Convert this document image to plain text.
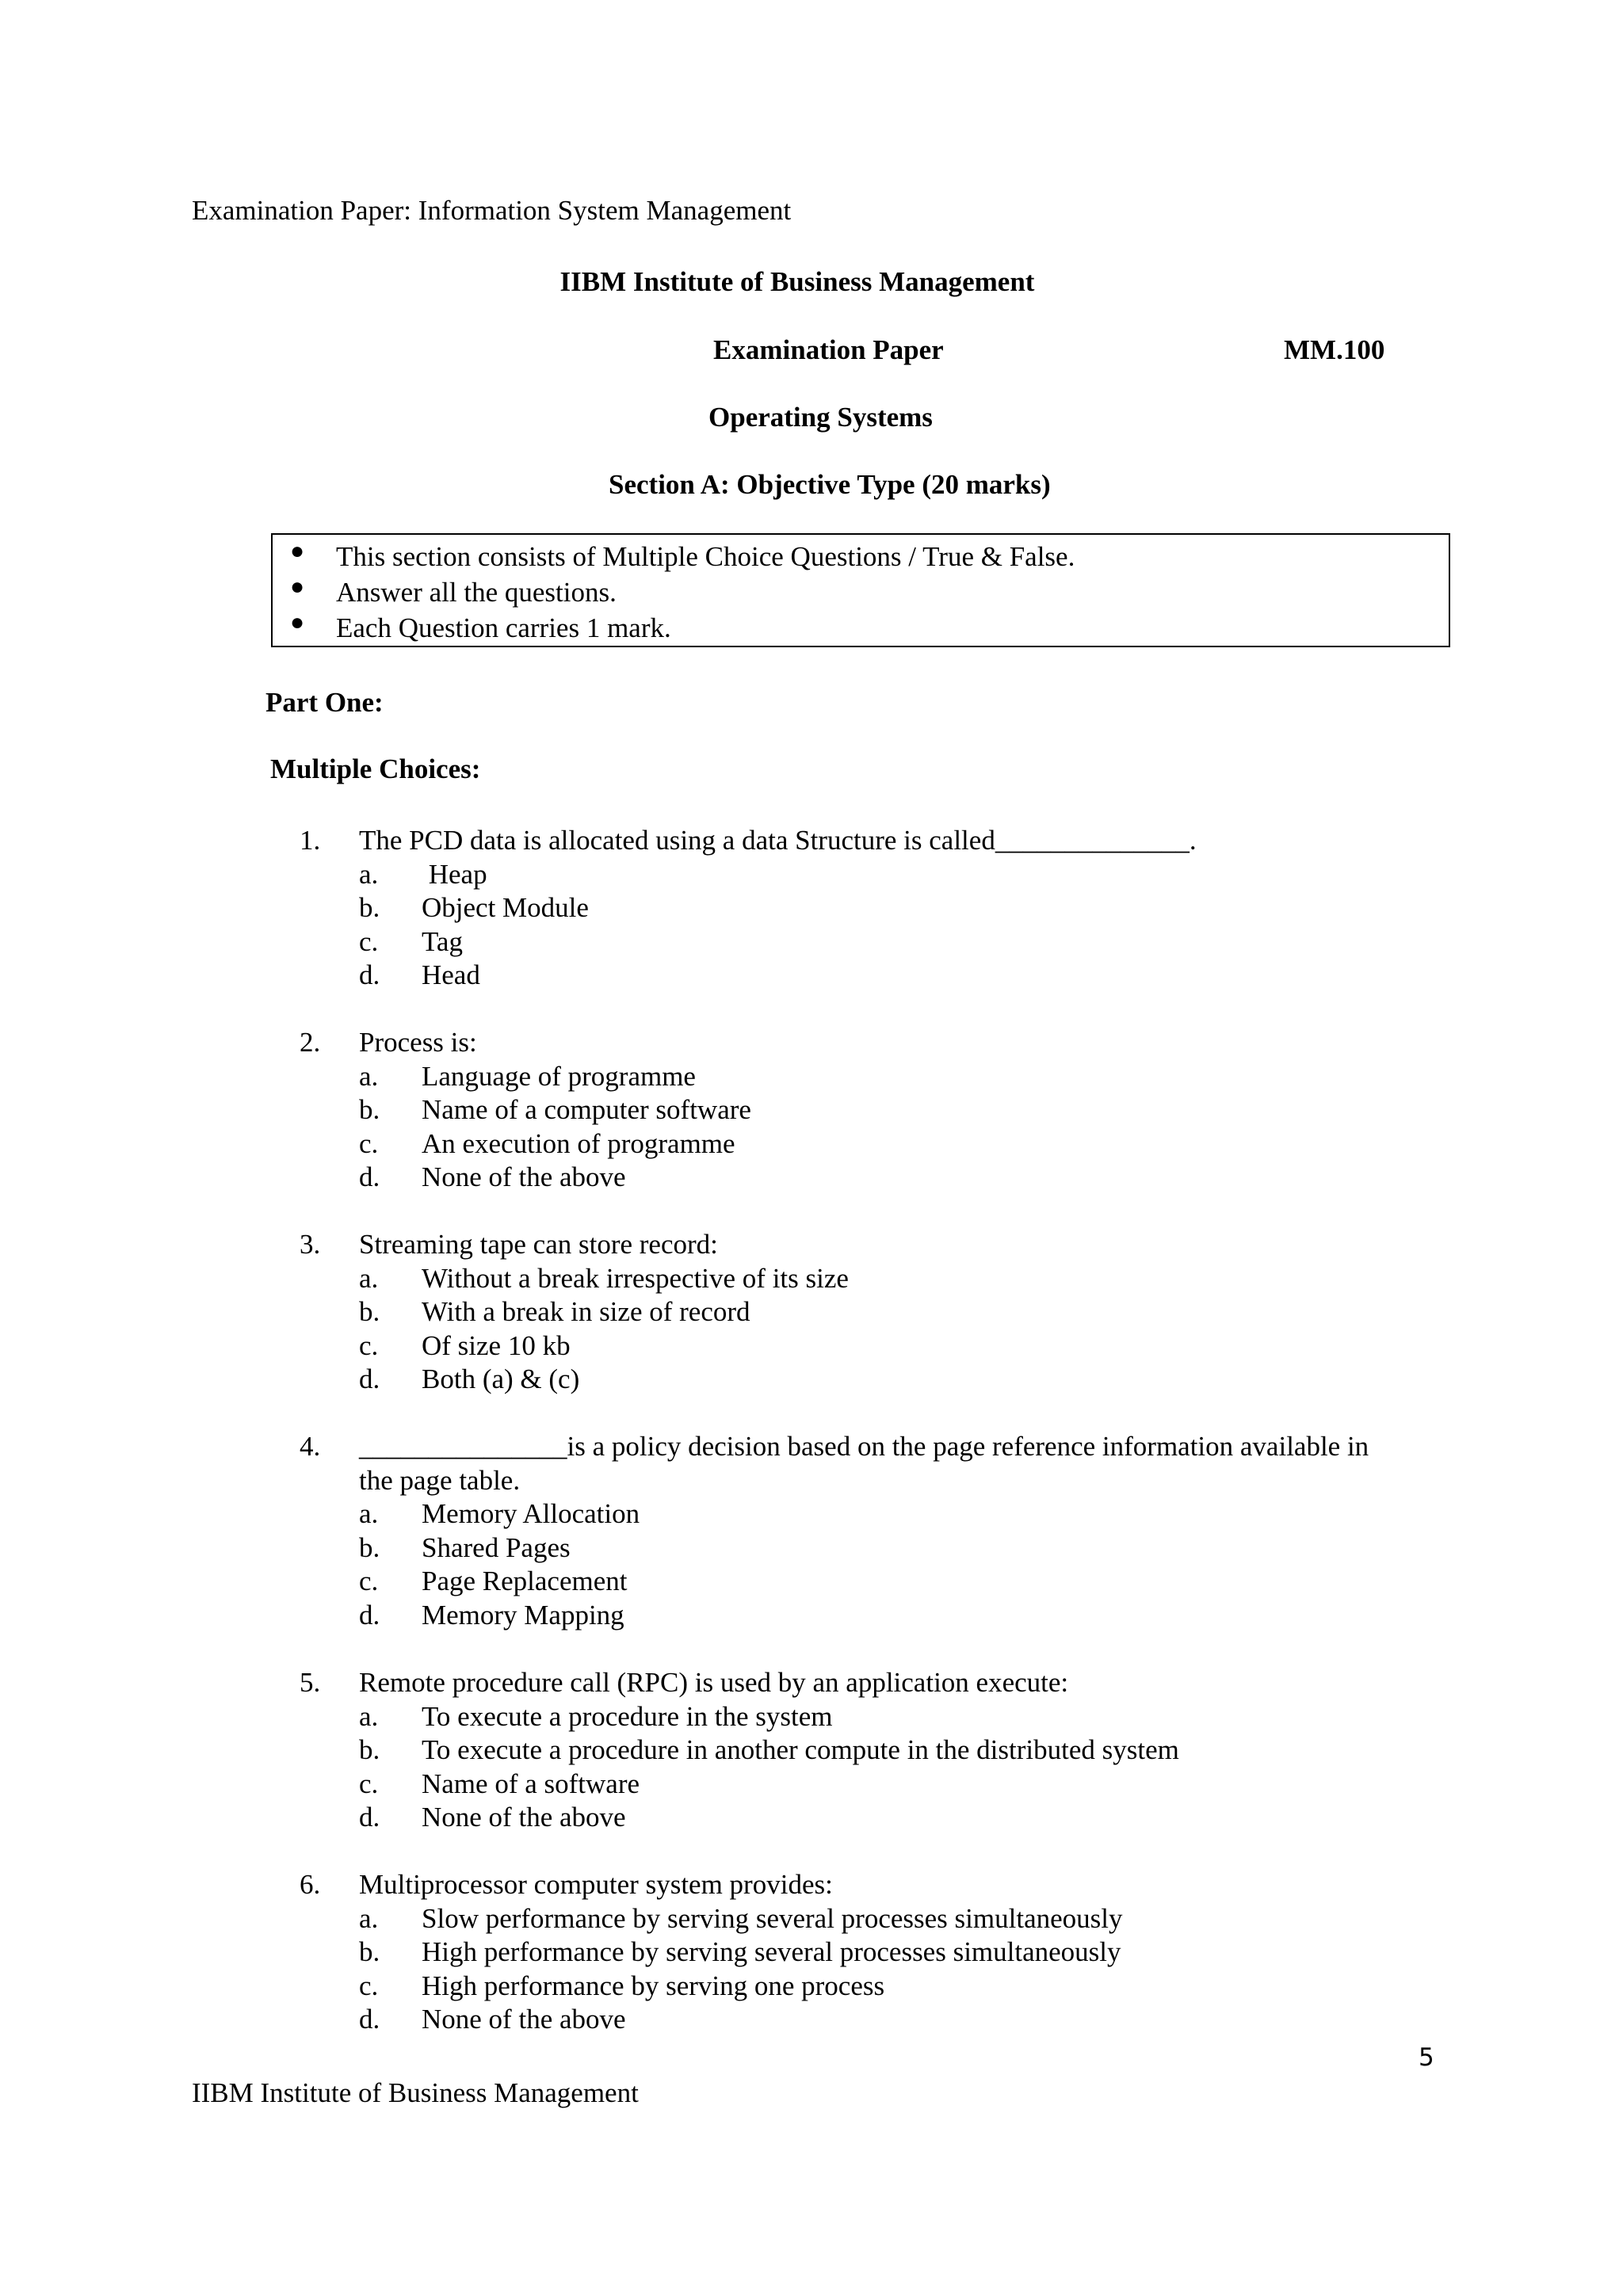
Examination Paper: Information System Management
IIBM Institute of Business Management
Examination Paper	MM.100
Operating Systems
Section A: Objective Type (20 marks)
● This section consists of Multiple Choice Questions / True & False.
● Answer all the questions.
● Each Question carries 1 mark.
Part One:
Multiple Choices:
1. The PCD data is allocated using a data Structure is called______________.
a. Heap
b. Object Module
c. Tag
d. Head
2. Process is:
a. Language of programme
b. Name of a computer software
c. An execution of programme
d. None of the above
3. Streaming tape can store record:
a. Without a break irrespective of its size
b. With a break in size of record
c. Of size 10 kb
d. Both (a) & (c)
4. _______________is a policy decision based on the page reference information available in
the page table.
a. Memory Allocation
b. Shared Pages
c. Page Replacement
d. Memory Mapping
5. Remote procedure call (RPC) is used by an application execute:
a. To execute a procedure in the system
b. To execute a procedure in another compute in the distributed system
c. Name of a software
d. None of the above
6. Multiprocessor computer system provides:
a. Slow performance by serving several processes simultaneously
b. High performance by serving several processes simultaneously
c. High performance by serving one process
d. None of the above
5
IIBM Institute of Business Management
